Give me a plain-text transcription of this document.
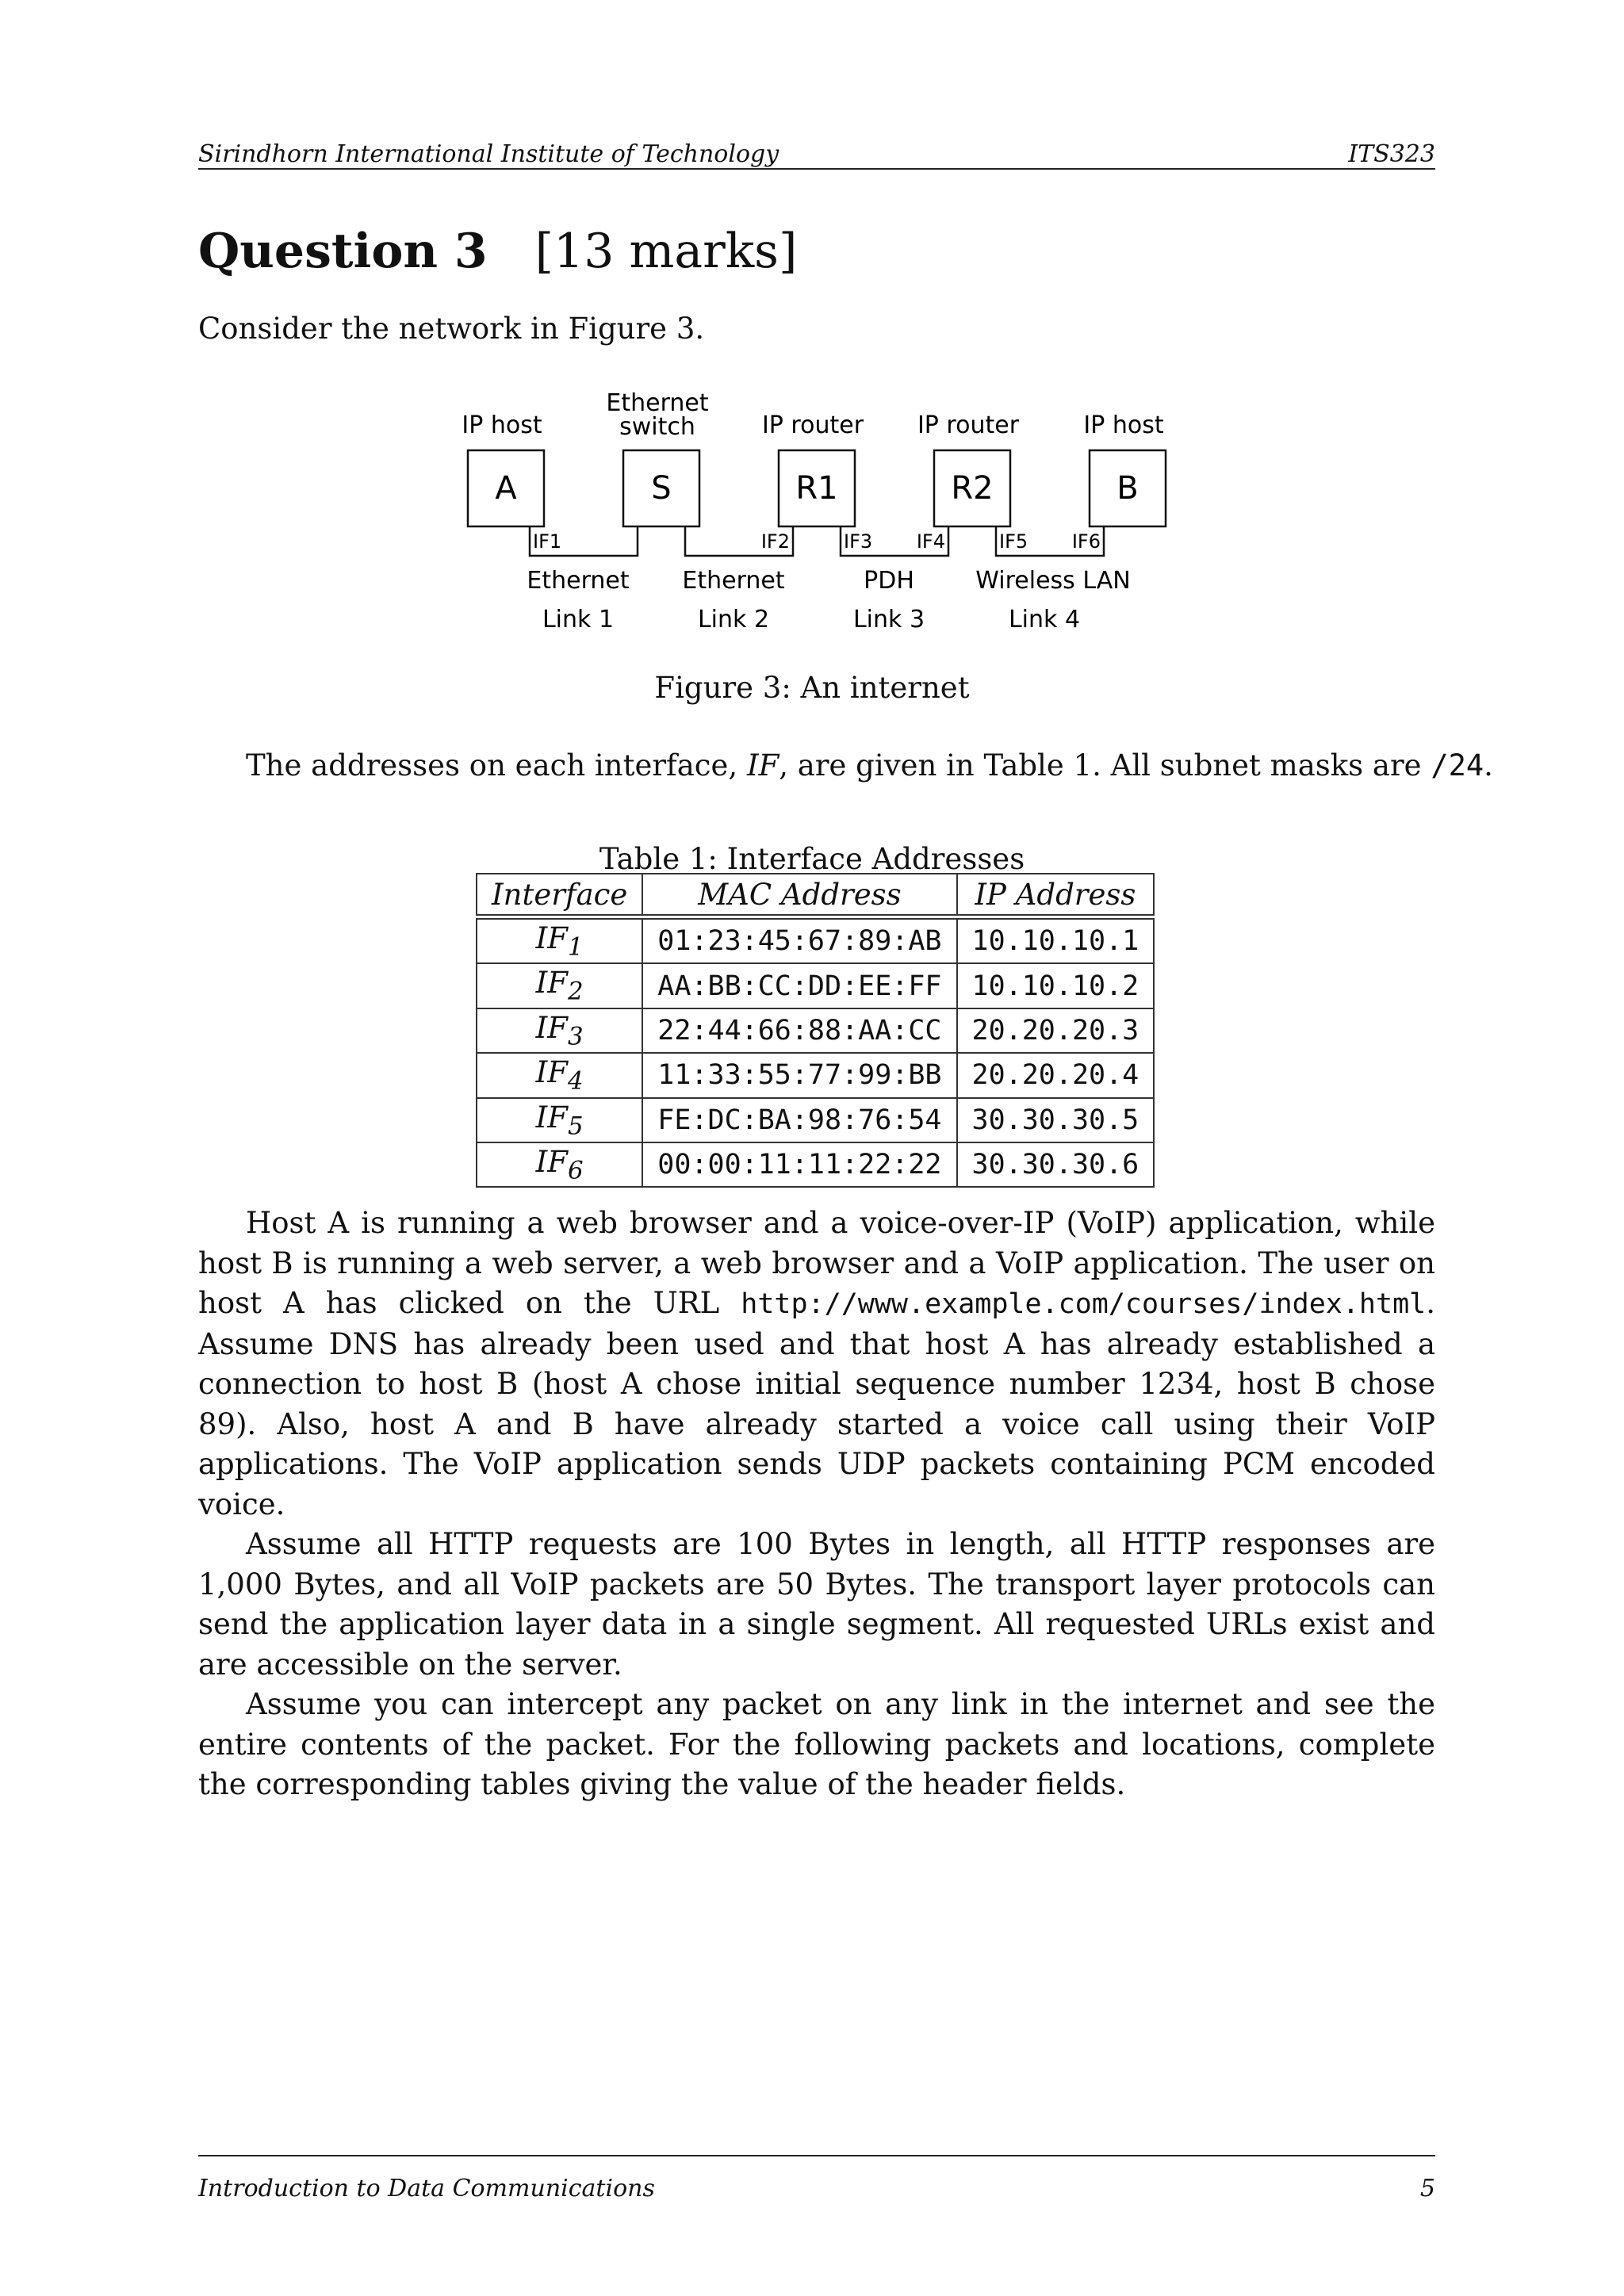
Sirindhorn International Institute of Technology	ITS323
Question 3 [13 marks]
Consider the network in Figure 3.
IP host
Ethernet
switch	IP router IP router	IP host
A	S	R1	R2	B
IF1	IF2	IF3 IF4	IF5 IF6
Ethernet Ethernet	PDH	Wireless LAN
Link 1	Link 2	Link 3	Link 4
Figure 3: An internet
The addresses on each interface, IF, are given in Table 1. All subnet masks are /24.
Table 1: Interface Addresses
Interface	MAC Address	IP Address
$IF_1$	01:23:45:67:89:AB	10.10.10.1
$IF_2$	AA:BB:CC:DD:EE:FF	10.10.10.2
$IF_3$	22:44:66:88:AA:CC	20.20.20.3
$IF_4$	11:33:55:77:99:BB	20.20.20.4
$IF_5$	FE:DC:BA:98:76:54	30.30.30.5
$IF_6$	00:00:11:11:22:22	30.30.30.6

Host A is running a web browser and a voice-over-IP (VoIP) application, while host B is running a web server, a web browser and a VoIP application. The user on host A has clicked on the URL http://www.example.com/courses/index.html. Assume DNS has already been used and that host A has already established a connection to host B (host A chose initial sequence number 1234, host B chose 89). Also, host A and B have already started a voice call using their VoIP applications. The VoIP application sends UDP packets containing PCM encoded voice.

Assume all HTTP requests are 100 Bytes in length, all HTTP responses are 1,000 Bytes, and all VoIP packets are 50 Bytes. The transport layer protocols can send the application layer data in a single segment. All requested URLs exist and are accessible on the server.

Assume you can intercept any packet on any link in the internet and see the entire contents of the packet. For the following packets and locations, complete the corresponding tables giving the value of the header fields.

Introduction to Data Communications	5
